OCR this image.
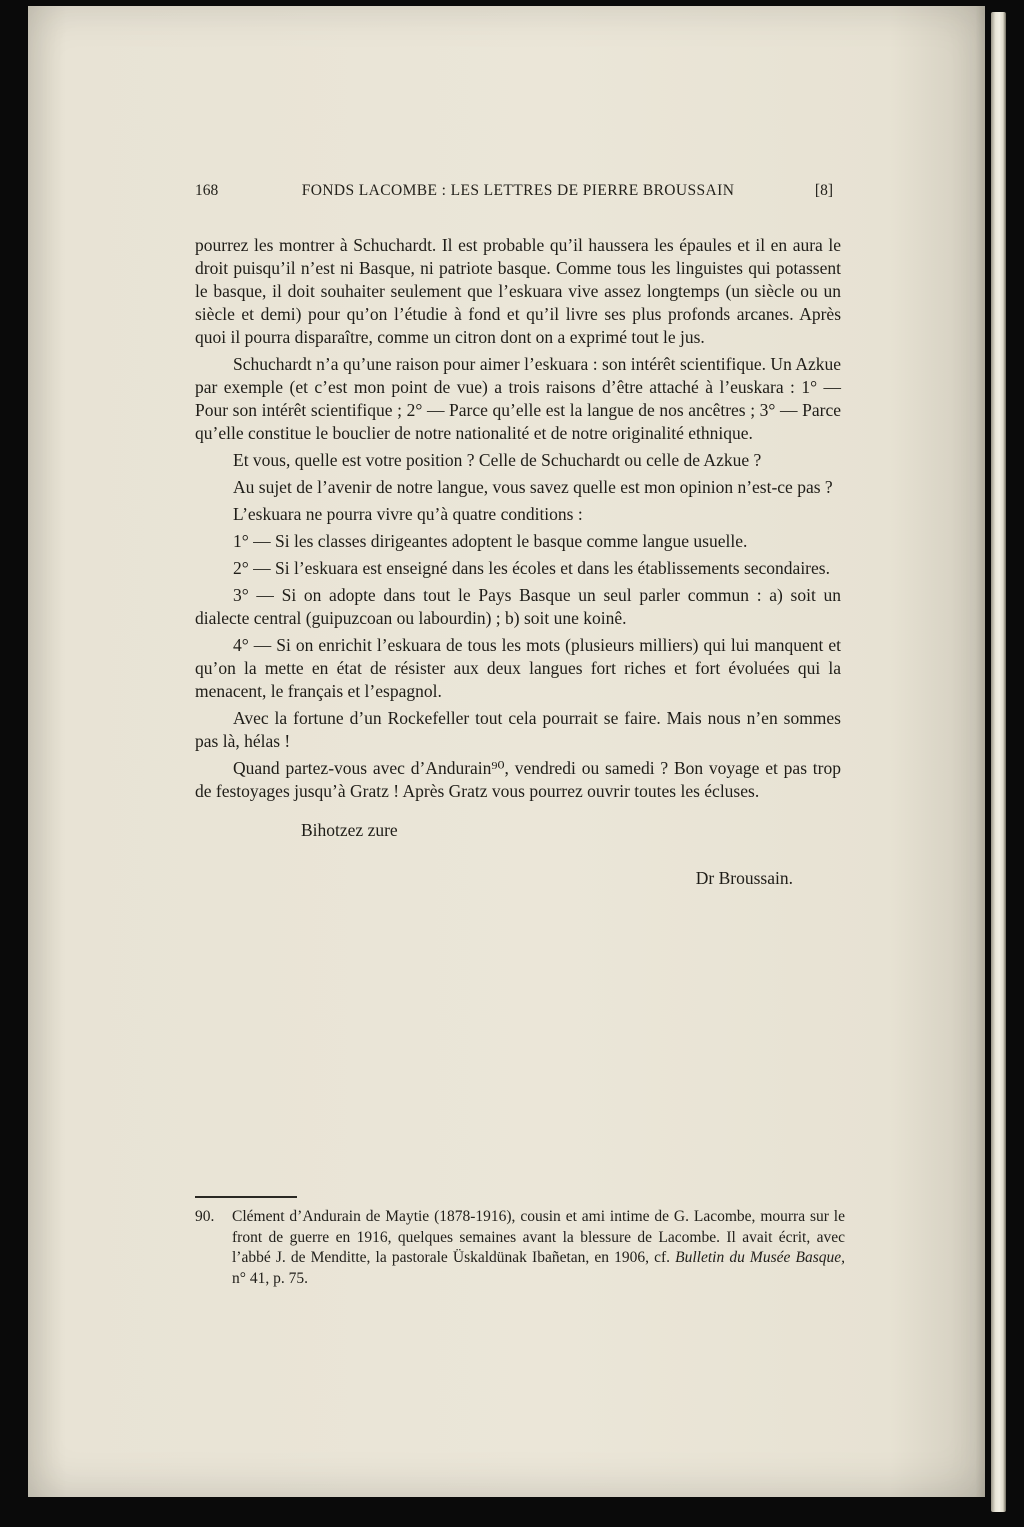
168	FONDS LACOMBE : LES LETTRES DE PIERRE BROUSSAIN	[8]

pourrez les montrer à Schuchardt. Il est probable qu’il haussera les épaules et il en aura le droit puisqu’il n’est ni Basque, ni patriote basque. Comme tous les linguistes qui potassent le basque, il doit souhaiter seulement que l’eskuara vive assez longtemps (un siècle ou un siècle et demi) pour qu’on l’étudie à fond et qu’il livre ses plus profonds arcanes. Après quoi il pourra disparaître, comme un citron dont on a exprimé tout le jus.

Schuchardt n’a qu’une raison pour aimer l’eskuara : son intérêt scientifique. Un Azkue par exemple (et c’est mon point de vue) a trois raisons d’être attaché à l’euskara : 1° — Pour son intérêt scientifique ; 2° — Parce qu’elle est la langue de nos ancêtres ; 3° — Parce qu’elle constitue le bouclier de notre nationalité et de notre originalité ethnique.

Et vous, quelle est votre position ? Celle de Schuchardt ou celle de Azkue ?

Au sujet de l’avenir de notre langue, vous savez quelle est mon opinion n’est-ce pas ?

L’eskuara ne pourra vivre qu’à quatre conditions :

1° — Si les classes dirigeantes adoptent le basque comme langue usuelle.

2° — Si l’eskuara est enseigné dans les écoles et dans les établissements secondaires.

3° — Si on adopte dans tout le Pays Basque un seul parler commun : a) soit un dialecte central (guipuzcoan ou labourdin) ; b) soit une koinê.

4° — Si on enrichit l’eskuara de tous les mots (plusieurs milliers) qui lui manquent et qu’on la mette en état de résister aux deux langues fort riches et fort évoluées qui la menacent, le français et l’espagnol.

Avec la fortune d’un Rockefeller tout cela pourrait se faire. Mais nous n’en sommes pas là, hélas !

Quand partez-vous avec d’Andurain⁹⁰, vendredi ou samedi ? Bon voyage et pas trop de festoyages jusqu’à Gratz ! Après Gratz vous pourrez ouvrir toutes les écluses.

Bihotzez zure
Dr Broussain.
90.	Clément d’Andurain de Maytie (1878-1916), cousin et ami intime de G. Lacombe, mourra sur le front de guerre en 1916, quelques semaines avant la blessure de Lacombe. Il avait écrit, avec l’abbé J. de Menditte, la pastorale Üskaldünak Ibañetan, en 1906, cf. Bulletin du Musée Basque, n° 41, p. 75.
